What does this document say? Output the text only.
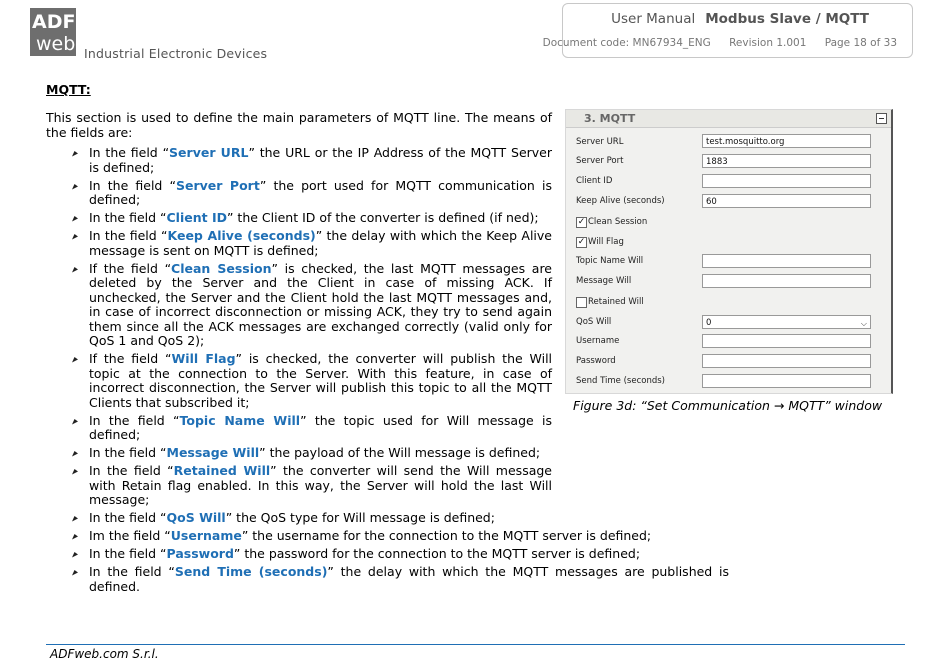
ADF
web Industrial Electronic Devices
User Manual Modbus Slave / MQTT
Document code: MN67934_ENG Revision 1.001 Page 18 of 33
MQTT:
This section is used to define the main parameters of MQTT line. The means of the fields are:
In the field “Server URL” the URL or the IP Address of the MQTT Server is defined;
In the field “Server Port” the port used for MQTT communication is defined;
In the field “Client ID” the Client ID of the converter is defined (if ned);
In the field “Keep Alive (seconds)” the delay with which the Keep Alive message is sent on MQTT is defined;
If the field “Clean Session” is checked, the last MQTT messages are deleted by the Server and the Client in case of missing ACK. If unchecked, the Server and the Client hold the last MQTT messages and, in case of incorrect disconnection or missing ACK, they try to send again them since all the ACK messages are exchanged correctly (valid only for QoS 1 and QoS 2);
If the field “Will Flag” is checked, the converter will publish the Will topic at the connection to the Server. With this feature, in case of incorrect disconnection, the Server will publish this topic to all the MQTT Clients that subscribed it;
In the field “Topic Name Will” the topic used for Will message is defined;
In the field “Message Will” the payload of the Will message is defined;
In the field “Retained Will” the converter will send the Will message with Retain flag enabled. In this way, the Server will hold the last Will message;
In the field “QoS Will” the QoS type for Will message is defined;
Im the field “Username” the username for the connection to the MQTT server is defined;
In the field “Password” the password for the connection to the MQTT server is defined;
In the field “Send Time (seconds)” the delay with which the MQTT messages are published is defined.
3. MQTT
Server URL	test.mosquitto.org
Server Port	1883
Client ID
Keep Alive (seconds)	60
✓ Clean Session
✓ Will Flag
Topic Name Will
Message Will
Retained Will
QoS Will	0	⌵
Username
Password
Send Time (seconds)
Figure 3d: “Set Communication → MQTT” window
ADFweb.com S.r.l.
